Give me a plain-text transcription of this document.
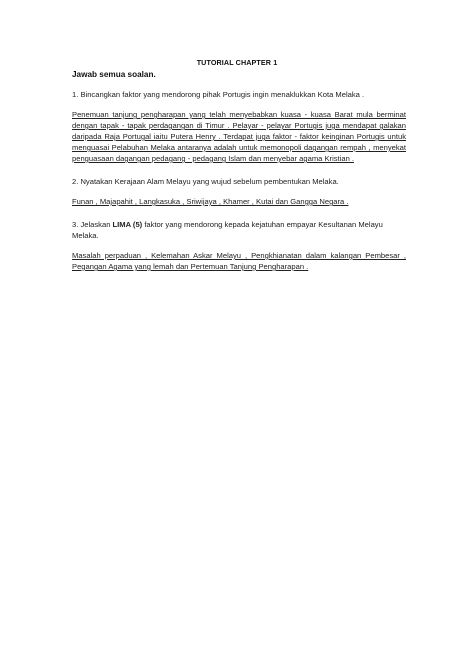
TUTORIAL CHAPTER 1

Jawab semua soalan.

1. Bincangkan faktor yang mendorong pihak Portugis ingin menaklukkan Kota Melaka .

Penemuan tanjung pengharapan yang telah menyebabkan kuasa - kuasa Barat mula berminat dengan tapak - tapak perdagangan di Timur . Pelayar - pelayar Portugis juga mendapat galakan daripada Raja Portugal iaitu Putera Henry . Terdapat juga faktor - faktor keinginan Portugis untuk menguasai Pelabuhan Melaka antaranya adalah untuk memonopoli dagangan rempah , menyekat penguasaan dagangan pedagang - pedagang Islam dan menyebar agama Kristian .

2. Nyatakan Kerajaan Alam Melayu yang wujud sebelum pembentukan Melaka.

Funan , Majapahit , Langkasuka , Sriwijaya , Khamer , Kutai dan Gangga Negara .

3. Jelaskan LIMA (5) faktor yang mendorong kepada kejatuhan empayar Kesultanan Melayu Melaka.

Masalah perpaduan , Kelemahan Askar Melayu , Pengkhianatan dalam kalangan Pembesar , Pegangan Agama yang lemah dan Pertemuan Tanjung Pengharapan .
